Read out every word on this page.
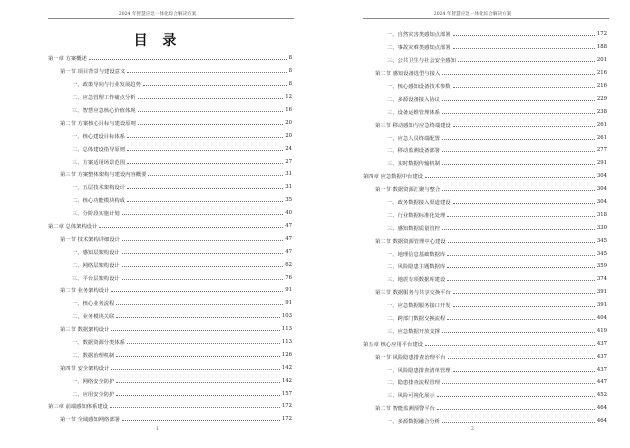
2024 年智慧应急一体化综合解决方案
目 录
第一章 方案概述	8
第一节 项目背景与建设意义	8
一、政策导向与行业发展趋势	8
二、应急管理工作痛点分析	12
三、智慧应急核心价值体现	16
第二节 方案核心目标与建设原则	20
一、核心建设目标体系	20
二、总体建设指导原则	24
三、方案适用场景范围	27
第三节 方案整体架构与建设内容概要	31
一、五层技术架构设计	31
二、核心功能模块构成	35
三、分阶段实施计划	40
第二章 总体架构设计	47
第一节 技术架构详细设计	47
一、感知层架构设计	47
二、网络层架构设计	62
三、平台层架构设计	76
第二节 业务架构设计	91
一、核心业务流程	91
二、业务模块关联	103
第三节 数据架构设计	113
一、数据资源分类体系	113
二、数据治理机制	126
第四节 安全架构设计	142
一、网络安全防护	142
二、应用安全防护	157
第三章 前端感知体系建设	172
第一节 全域感知网络部署	172
1
2024 年智慧应急一体化综合解决方案
一、自然灾害类感知点部署	172
二、事故灾难类感知点部署	188
三、公共卫生与社会安全感知	201
第二节 感知设备选型与接入	216
一、核心感知设备技术参数	216
二、多源设备接入协议	229
三、设备运维管理体系	238
第三节 移动感知与应急终端建设	261
一、应急人员终端配置	261
二、移动监测设备部署	277
三、实时数据传输机制	291
第四章 应急数据中台建设	304
第一节 数据资源汇聚与整合	304
一、政务数据接入渠道建设	304
二、行业数据标准化处理	318
三、感知数据质量管控	330
第二节 数据资源管理中心建设	345
一、地理信息基础数据库	345
二、风险隐患主题数据库	359
三、地震专项数据库建设	374
第三节 数据服务与共享交换平台	391
一、应急数据服务接口开发	391
二、跨部门数据交换流程	404
三、应急数据开放支撑	419
第五章 核心应用平台建设	437
第一节 风险隐患排查治理平台	437
一、风险隐患排查清单管理	437
二、隐患排查流程管理	447
三、风险可视化展示	452
第二节 智能监测预警平台	464
一、多源数据融合分析	464
2
